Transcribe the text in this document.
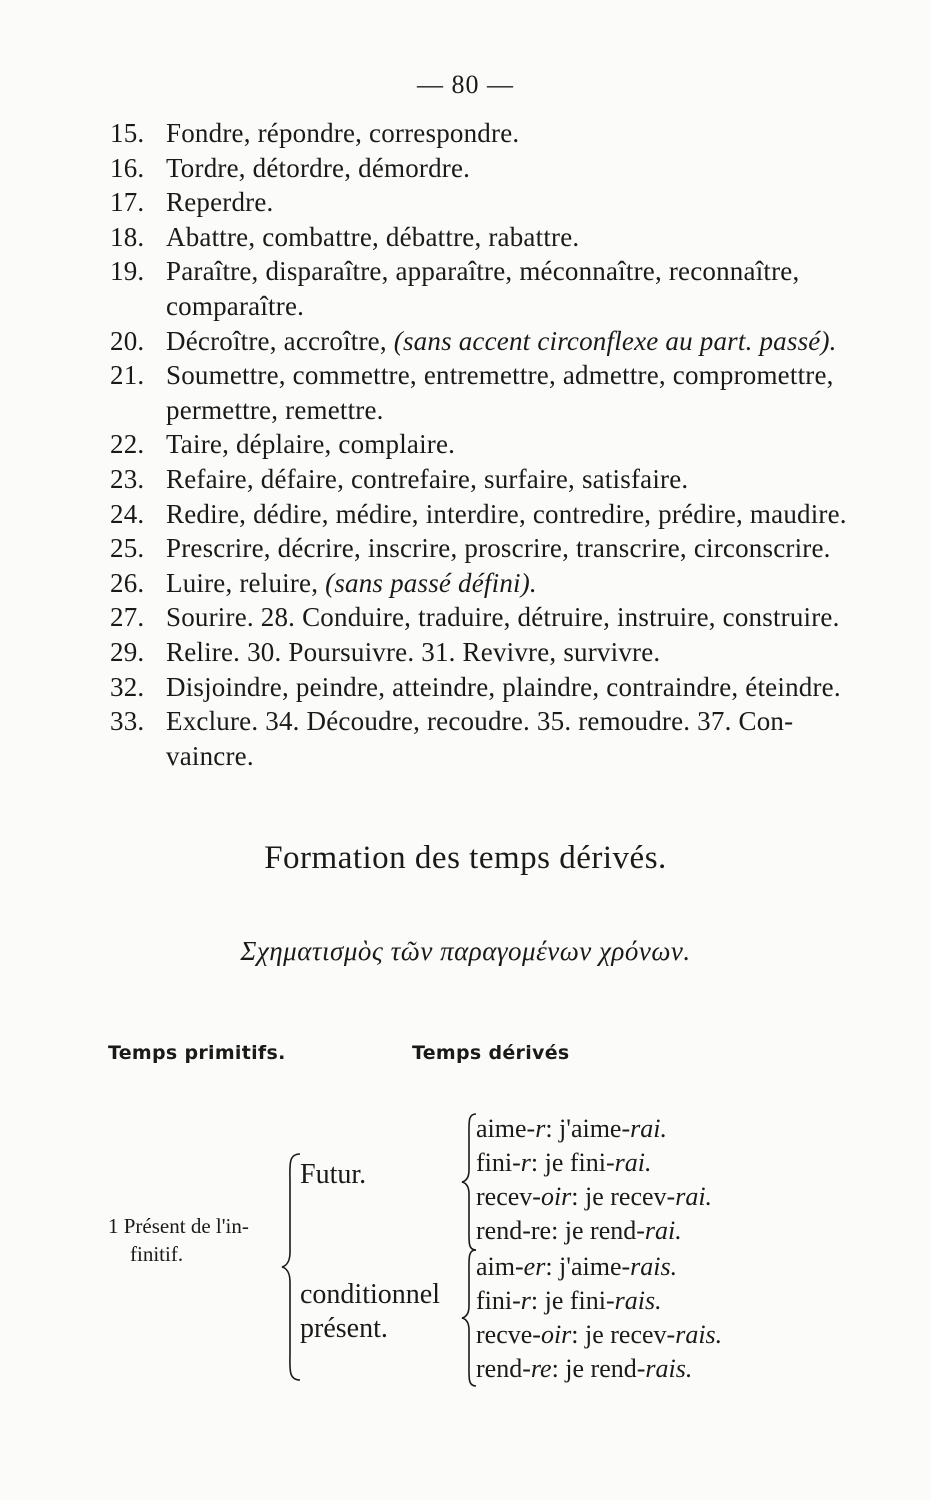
— 80 —
15. Fondre, répondre, correspondre.
16. Tordre, détordre, démordre.
17. Reperdre.
18. Abattre, combattre, débattre, rabattre.
19. Paraître, disparaître, apparaître, méconnaître, reconnaître,
comparaître.
20. Décroître, accroître, (sans accent circonflexe au part. passé).
21. Soumettre, commettre, entremettre, admettre, compromettre,
permettre, remettre.
22. Taire, déplaire, complaire.
23. Refaire, défaire, contrefaire, surfaire, satisfaire.
24. Redire, dédire, médire, interdire, contredire, prédire, maudire.
25. Prescrire, décrire, inscrire, proscrire, transcrire, circonscrire.
26. Luire, reluire, (sans passé défini).
27. Sourire. 28. Conduire, traduire, détruire, instruire, construire.
29. Relire. 30. Poursuivre. 31. Revivre, survivre.
32. Disjoindre, peindre, atteindre, plaindre, contraindre, éteindre.
33. Exclure. 34. Découdre, recoudre. 35. remoudre. 37. Con-
vaincre.
Formation des temps dérivés.
Σχηματισμὸς τῶν παραγομένων χρόνων.
Temps primitifs.	Temps dérivés
1 Présent de l'in-
finitif.
Futur.
conditionnel
présent.
aime-r: j'aime-rai.
fini-r: je fini-rai.
recev-oir: je recev-rai.
rend-re: je rend-rai.
aim-er: j'aime-rais.
fini-r: je fini-rais.
recve-oir: je recev-rais.
rend-re: je rend-rais.
